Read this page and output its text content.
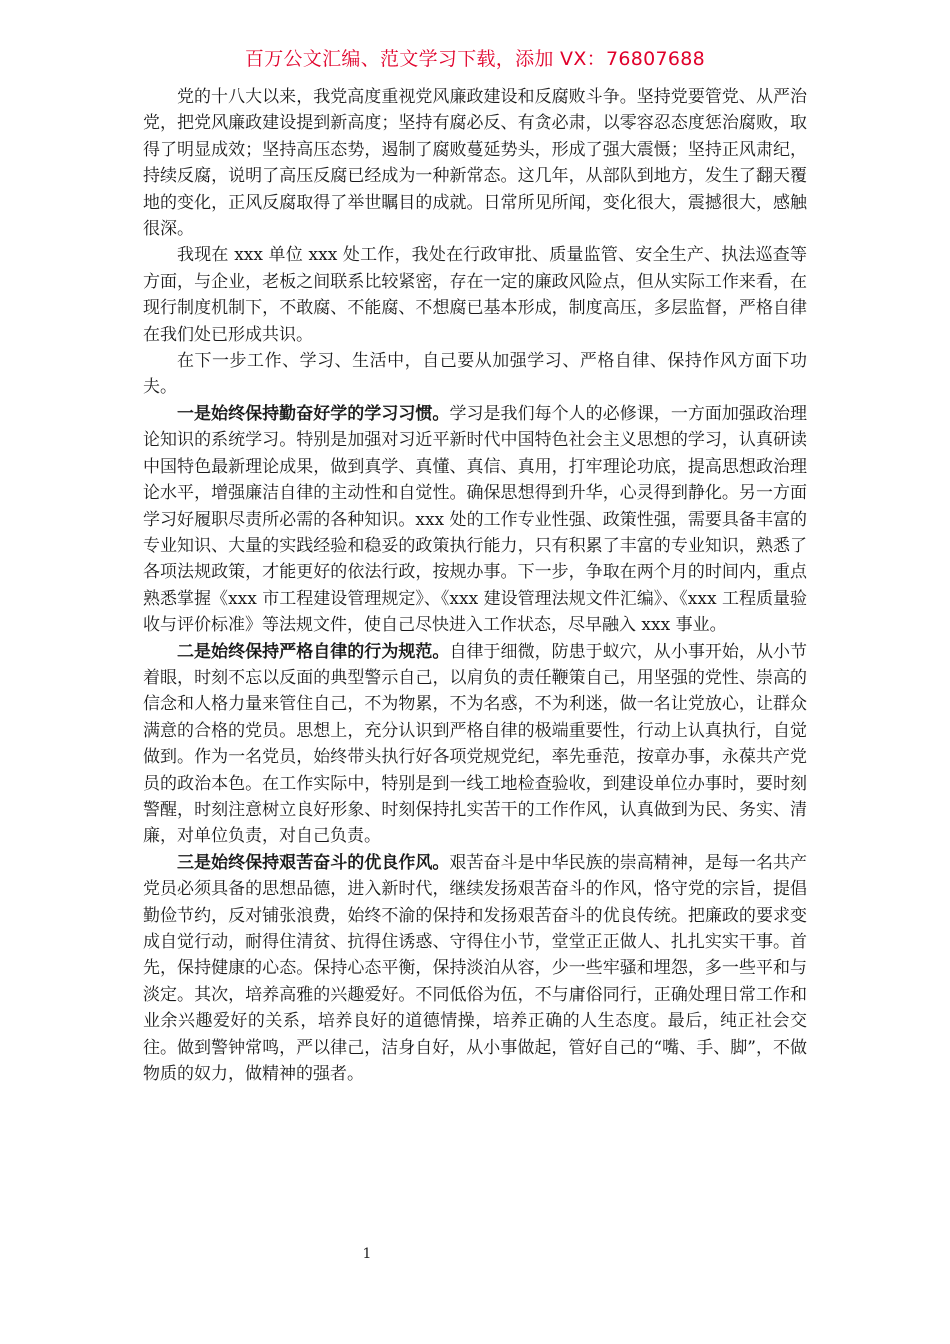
百万公文汇编、范文学习下载，添加 VX：76807688

党的十八大以来，我党高度重视党风廉政建设和反腐败斗争。坚持党要管党、从严治党，把党风廉政建设提到新高度；坚持有腐必反、有贪必肃，以零容忍态度惩治腐败，取得了明显成效；坚持高压态势，遏制了腐败蔓延势头，形成了强大震慑；坚持正风肃纪，持续反腐，说明了高压反腐已经成为一种新常态。这几年，从部队到地方，发生了翻天覆地的变化，正风反腐取得了举世瞩目的成就。日常所见所闻，变化很大，震撼很大，感触很深。

我现在 xxx 单位 xxx 处工作，我处在行政审批、质量监管、安全生产、执法巡查等方面，与企业，老板之间联系比较紧密，存在一定的廉政风险点，但从实际工作来看，在现行制度机制下，不敢腐、不能腐、不想腐已基本形成，制度高压，多层监督，严格自律在我们处已形成共识。

在下一步工作、学习、生活中，自己要从加强学习、严格自律、保持作风方面下功夫。

一是始终保持勤奋好学的学习习惯。学习是我们每个人的必修课，一方面加强政治理论知识的系统学习。特别是加强对习近平新时代中国特色社会主义思想的学习，认真研读中国特色最新理论成果，做到真学、真懂、真信、真用，打牢理论功底，提高思想政治理论水平，增强廉洁自律的主动性和自觉性。确保思想得到升华，心灵得到静化。另一方面学习好履职尽责所必需的各种知识。xxx 处的工作专业性强、政策性强，需要具备丰富的专业知识、大量的实践经验和稳妥的政策执行能力，只有积累了丰富的专业知识，熟悉了各项法规政策，才能更好的依法行政，按规办事。下一步，争取在两个月的时间内，重点熟悉掌握《xxx 市工程建设管理规定》、《xxx 建设管理法规文件汇编》、《xxx 工程质量验收与评价标准》等法规文件，使自己尽快进入工作状态，尽早融入 xxx 事业。

二是始终保持严格自律的行为规范。自律于细微，防患于蚁穴，从小事开始，从小节着眼，时刻不忘以反面的典型警示自己，以肩负的责任鞭策自己，用坚强的党性、崇高的信念和人格力量来管住自己，不为物累，不为名惑，不为利迷，做一名让党放心，让群众满意的合格的党员。思想上，充分认识到严格自律的极端重要性，行动上认真执行，自觉做到。作为一名党员，始终带头执行好各项党规党纪，率先垂范，按章办事，永葆共产党员的政治本色。在工作实际中，特别是到一线工地检查验收，到建设单位办事时，要时刻警醒，时刻注意树立良好形象、时刻保持扎实苦干的工作作风，认真做到为民、务实、清廉，对单位负责，对自己负责。

三是始终保持艰苦奋斗的优良作风。艰苦奋斗是中华民族的崇高精神，是每一名共产党员必须具备的思想品德，进入新时代，继续发扬艰苦奋斗的作风，恪守党的宗旨，提倡勤俭节约，反对铺张浪费，始终不渝的保持和发扬艰苦奋斗的优良传统。把廉政的要求变成自觉行动，耐得住清贫、抗得住诱惑、守得住小节，堂堂正正做人、扎扎实实干事。首先，保持健康的心态。保持心态平衡，保持淡泊从容，少一些牢骚和埋怨，多一些平和与淡定。其次，培养高雅的兴趣爱好。不同低俗为伍，不与庸俗同行，正确处理日常工作和业余兴趣爱好的关系，培养良好的道德情操，培养正确的人生态度。最后，纯正社会交往。做到警钟常鸣，严以律己，洁身自好，从小事做起，管好自己的“嘴、手、脚”，不做物质的奴力，做精神的强者。

1
